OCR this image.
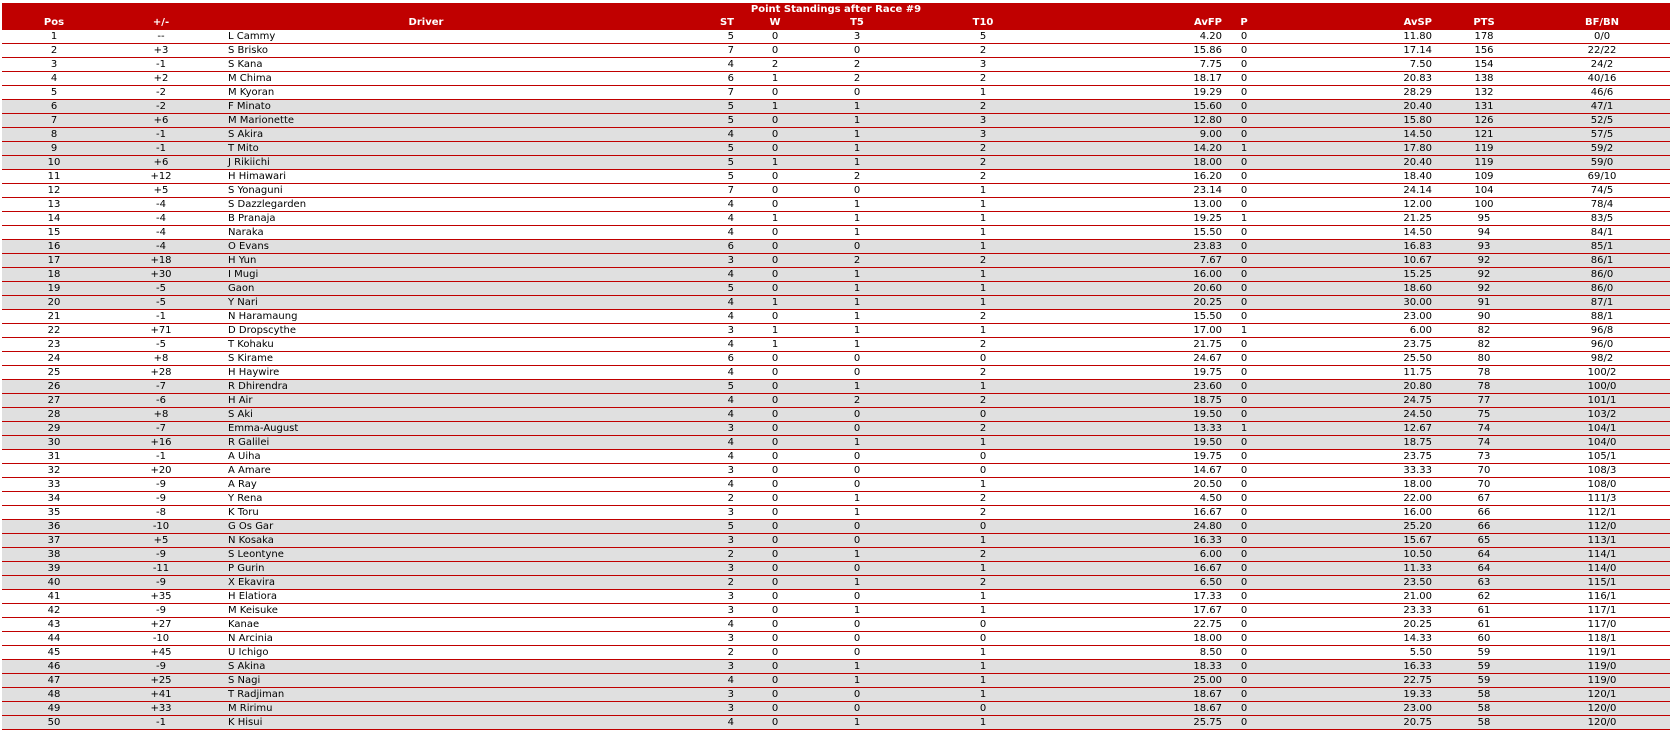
Point Standings after Race #9											
Pos	+/-	Driver	ST	W	T5	T10	AvFP	P	AvSP	PTS	BF/BN
1	--	L Cammy	5	0	3	5	4.20	0	11.80	178	0/0
2	+3	S Brisko	7	0	0	2	15.86	0	17.14	156	22/22
3	-1	S Kana	4	2	2	3	7.75	0	7.50	154	24/2
4	+2	M Chima	6	1	2	2	18.17	0	20.83	138	40/16
5	-2	M Kyoran	7	0	0	1	19.29	0	28.29	132	46/6
6	-2	F Minato	5	1	1	2	15.60	0	20.40	131	47/1
7	+6	M Marionette	5	0	1	3	12.80	0	15.80	126	52/5
8	-1	S Akira	4	0	1	3	9.00	0	14.50	121	57/5
9	-1	T Mito	5	0	1	2	14.20	1	17.80	119	59/2
10	+6	J Rikiichi	5	1	1	2	18.00	0	20.40	119	59/0
11	+12	H Himawari	5	0	2	2	16.20	0	18.40	109	69/10
12	+5	S Yonaguni	7	0	0	1	23.14	0	24.14	104	74/5
13	-4	S Dazzlegarden	4	0	1	1	13.00	0	12.00	100	78/4
14	-4	B Pranaja	4	1	1	1	19.25	1	21.25	95	83/5
15	-4	Naraka	4	0	1	1	15.50	0	14.50	94	84/1
16	-4	O Evans	6	0	0	1	23.83	0	16.83	93	85/1
17	+18	H Yun	3	0	2	2	7.67	0	10.67	92	86/1
18	+30	I Mugi	4	0	1	1	16.00	0	15.25	92	86/0
19	-5	Gaon	5	0	1	1	20.60	0	18.60	92	86/0
20	-5	Y Nari	4	1	1	1	20.25	0	30.00	91	87/1
21	-1	N Haramaung	4	0	1	2	15.50	0	23.00	90	88/1
22	+71	D Dropscythe	3	1	1	1	17.00	1	6.00	82	96/8
23	-5	T Kohaku	4	1	1	2	21.75	0	23.75	82	96/0
24	+8	S Kirame	6	0	0	0	24.67	0	25.50	80	98/2
25	+28	H Haywire	4	0	0	2	19.75	0	11.75	78	100/2
26	-7	R Dhirendra	5	0	1	1	23.60	0	20.80	78	100/0
27	-6	H Air	4	0	2	2	18.75	0	24.75	77	101/1
28	+8	S Aki	4	0	0	0	19.50	0	24.50	75	103/2
29	-7	Emma-August	3	0	0	2	13.33	1	12.67	74	104/1
30	+16	R Galilei	4	0	1	1	19.50	0	18.75	74	104/0
31	-1	A Uiha	4	0	0	0	19.75	0	23.75	73	105/1
32	+20	A Amare	3	0	0	0	14.67	0	33.33	70	108/3
33	-9	A Ray	4	0	0	1	20.50	0	18.00	70	108/0
34	-9	Y Rena	2	0	1	2	4.50	0	22.00	67	111/3
35	-8	K Toru	3	0	1	2	16.67	0	16.00	66	112/1
36	-10	G Os Gar	5	0	0	0	24.80	0	25.20	66	112/0
37	+5	N Kosaka	3	0	0	1	16.33	0	15.67	65	113/1
38	-9	S Leontyne	2	0	1	2	6.00	0	10.50	64	114/1
39	-11	P Gurin	3	0	0	1	16.67	0	11.33	64	114/0
40	-9	X Ekavira	2	0	1	2	6.50	0	23.50	63	115/1
41	+35	H Elatiora	3	0	0	1	17.33	0	21.00	62	116/1
42	-9	M Keisuke	3	0	1	1	17.67	0	23.33	61	117/1
43	+27	Kanae	4	0	0	0	22.75	0	20.25	61	117/0
44	-10	N Arcinia	3	0	0	0	18.00	0	14.33	60	118/1
45	+45	U Ichigo	2	0	0	1	8.50	0	5.50	59	119/1
46	-9	S Akina	3	0	1	1	18.33	0	16.33	59	119/0
47	+25	S Nagi	4	0	1	1	25.00	0	22.75	59	119/0
48	+41	T Radjiman	3	0	0	1	18.67	0	19.33	58	120/1
49	+33	M Ririmu	3	0	0	0	18.67	0	23.00	58	120/0
50	-1	K Hisui	4	0	1	1	25.75	0	20.75	58	120/0
